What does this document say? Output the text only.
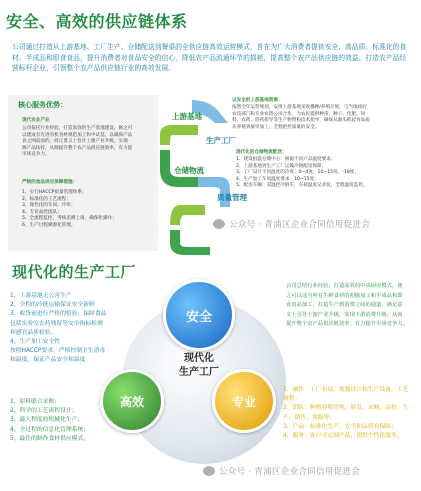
安全、高效的供应链体系
公司通过打造从上游基地、工厂生产、仓储配送到餐桌的全供应链高效运营模式，旨在为广大消费者提供安全、高品质、标准化的食材、半成品和即食食品，提升消费者对食品安全的信心，降低农产品流通环节的损耗，提高整个农产品供应链的效益。打造农产品经营标杆企业，引领整个农产品供应链行业的高效发展。
核心服务优势：
现代农业产业
公司依托行业经验，打造高效的生产基地建设，修之可
以建成有先进有机食材规范加工和中试基，以确保产品
食之网前面的，商丘景义上管社土源产业升级。实现
源产品扶持，从源提升整个农产品供应链效率，有力提
市场竞争力。
严格的食品供应保障措施：
1、实行HACCP质量管理体系；
2、标准化的工艺流程；
3、现代化的车间、冷库；
4、专业品控团队；
5、全流程监控，考核追溯上岗，确保化操作；
6、生产过程溯源化管理。
上游基地
生产工厂
仓储物流
质量管理
以安全的上游基地资源：
按照全年运营规划，安排上游基地采收播种/养殖计划，与当地政府
农技部门和专业农资公司合作，为农民提供种苗、种子、化肥、饲
料、农药、兽药指导等生产物资和技术指导，确保从源头抓起食品质
从养殖到屠宰加工，全程把控质量的安全。
现代化的仓储物流配送：
1、建设恒温仓储中心：根据不同产品温度要求；
2、上游基地到生产工厂运输冷链配送保障；
3、工厂设计不同温度的冷库：0~4度、10~15度、-18度；
4、生产加工车间温度要求：10~15度；
5、配送车辆：双温控冷链车，车载温度记录仪，全程温度监控。
公众号 · 青浦区企业合同信用促进会
现代化的生产工厂
1、上游基地无公害生产
2、全程的冷链运输保证安全新鲜
3、收货前进行严格的检验、保障食品
包括实验室农药残留等安全指标检测
和感官品质检验。
4、生产加工安全性
按照HACCP要求，严格控制卫生消毒
和温度，保证产品安全和温度
1、原料联合采购；
2、科学的工艺流程设计；
3、最大程度的机械化生产；
4、全过程的信息化管理系统；
5、最佳的制作食材供应模式。
安全
高效	专业
现代化
生产工厂
公司总结行业经验，打造高效的中央厨房模式，使
之可以适当所有生鲜食材的初级加工和半成品和即
食食品加工，打造生产到消费之间的通道，满足意
义上引导上游产业升级，实现下游消费升级，从而
提升整个农产品供应链效率，有力提升市场竞争力。
1、硬件：工厂布局，规划设计和生产设备，工艺
流程；
2、团队：种植养殖管理，研发，采购，品控，生
产，销售，客服等；
3、产品：标准化生产，安全和品质有保障；
4、服务：客户可定制产品，提供个性化服务。
公众号 · 青浦区企业合同信用促进会
